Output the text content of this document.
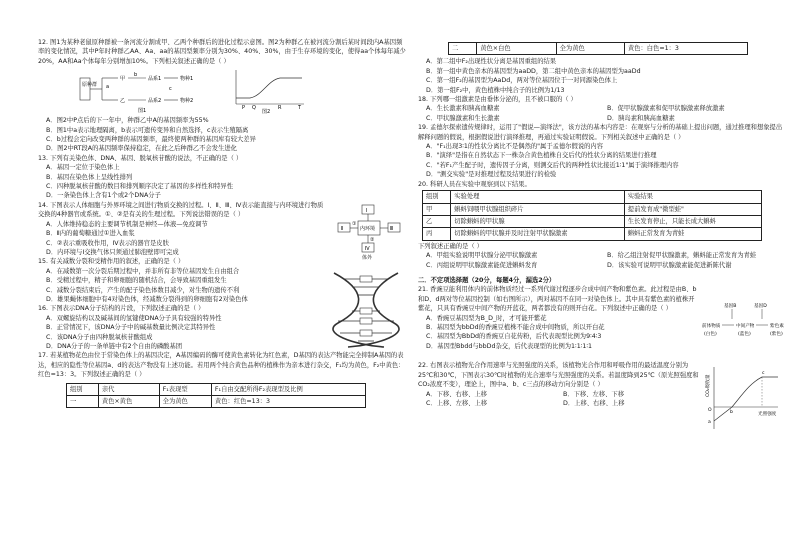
12. 图1为某种老鼠原种群被一条河流分割成甲、乙两个种群后的进化过程示意图。图2为种群乙在被河流分割后某时间段内A基因频率的变化情况，其中P年时种群乙AA、Aa、aa的基因型频率分别为30%、40%、30%，由于生存环境的变化，使得aa个体每年减少20%，AA和Aa个体每年分别增加10%。下列相关叙述正确的是（ ）

原种群
甲
乙
a
b
品系1
品系2
c
物种1
物种2
图1	P Q	R	T
图2

A．图2中P点后的下一年中，种群乙中A的基因频率为55%

B．图1中a表示地理隔离，b表示可遗传变异和自然选择，c表示生殖隔离

C．b过程会定向改变两种群的基因频率，最终使两种群的基因库有较大差异

D．图2中RT段A的基因频率保持稳定，在此之后种群乙不会发生进化

13. 下列有关染色体、DNA、基因、脱氧核苷酸的说法，不正确的是（ ）

A．基因一定位于染色体上

B．基因在染色体上呈线性排列

C．四种脱氧核苷酸的数目和排列顺序决定了基因的多样性和特异性

D．一条染色体上含有1个或2个DNA分子

14. 下图表示人体细胞与外界环境之间进行物质交换的过程。Ⅰ、Ⅱ、Ⅲ、Ⅳ表示能直接与内环境进行物质交换的4种器官或系统。①、②是有关的生理过程。下列说法错误的是（ ）

A．人体维持稳态的主要调节机制是神经—体液—免疫调节

B．Ⅱ内的葡萄糖通过①进入血浆

C．②表示重吸收作用，Ⅳ表示的器官是皮肤

D．内环境与Ⅰ交换气体只须通过肺泡壁即可完成

15. 有关减数分裂和受精作用的叙述，正确的是（ ）

内环境
Ⅰ
Ⅱ	Ⅲ
Ⅳ
①
②
体外

A．在减数第一次分裂后期过程中，并非所有非等位基因发生自由组合

B．受精过程中，精子和卵细胞的随机结合，会导致基因重组发生

C．减数分裂结束后，产生的配子染色体数目减少，对生物的遗传不利

D．雄果蝇体细胞中有4对染色体，经减数分裂得到的卵细胞有2对染色体

16. 下图表示DNA分子结构的片段，下列叙述正确的是（ ）

A．双螺旋结构以及碱基间的氢键使DNA分子具有较强的特异性

B．正常情况下，该DNA分子中的碱基数量比例决定其特异性

C．该DNA分子由四种脱氧核苷酸组成

D．DNA分子的一条单链中有2个自由的磷酸基团

17. 若某植物花色由位于常染色体上的基因决定，A基因编码的酶可使黄色素转化为红色素，D基因的表达产物能完全抑制A基因的表达，相应的隐性等位基因a、d的表达产物没有上述功能。若用两个纯合黄色品种的植株作为亲本进行杂交，F₁均为黄色，F₂中黄色：红色=13：3。下列叙述正确的是（ ）

组别	亲代	F₁表现型	F₁自由交配所得F₂表现型及比例
一	黄色×黄色	全为黄色	黄色：红色=13：3
二	黄色×白色	全为黄色	黄色：白色=1：3

A．第二组中F₂出现性状分离是基因重组的结果

B．第一组中黄色亲本的基因型为aaDD，第二组中黄色亲本的基因型为aaDd

C．第一组F₂的基因型为AaDd，两对等位基因位于一对同源染色体上

D．第一组F₂中，黄色植株中纯合子的比例为1/13

18. 下列哪一组激素是由垂体分泌的，且不被口服的（ ）

A．生长激素和胰高血糖素	B．促甲状腺激素和促甲状腺激素释放激素
C．甲状腺激素和生长激素	D．胰岛素和胰高血糖素

19. 孟德尔探索遗传规律时，运用了"假说—演绎法"，该方法的基本内容是：在观察与分析的基础上提出问题，通过推理和想象提出解释问题的假说，根据假说进行演绎推理，再通过实验证明假说。下列相关叙述中正确的是（ ）

A．"F₁出现3∶1的性状分离比不是偶然的"属于孟德尔假说的内容

B．"演绎"是指在自然状态下一株杂合黄色植株自交后代的性状分离的结果进行推理

C．"若F₁产生配子时，遗传因子分离，则测交后代的两种性状比接近1∶1"属于演绎推理内容

D．"测交实验"是对推理过程及结果进行的检验

20. 科研人员在实验中观察到以下结果。

组别	实验处理	实验结果
甲	蝌蚪饲喂甲状腺组织碎片	提前发育成"微型蛙"
乙	切除蝌蚪的甲状腺	生长发育停止，只能长成大蝌蚪
丙	切除蝌蚪的甲状腺并及时注射甲状腺激素	蝌蚪正常发育为青蛙

下列叙述正确的是（ ）

A．甲组实验说明甲状腺分泌甲状腺激素	B．给乙组注射促甲状腺激素，蝌蚪能正常发育为青蛙
C．丙组说明甲状腺激素能促进蝌蚪发育	D．该实验可说明甲状腺激素能促进新陈代谢

二．不定项选择题（20分，每题4分，漏选2分）

21. 香豌豆能利用体内的前体物质经过一系列代谢过程逐步合成中间产物和紫色素。此过程是由B、b和D、d两对等位基因控制（如右图所示），两对基因不在同一对染色体上。其中具有紫色素的植株开紫花，只具有香豌豆中间产物的开蓝花，两者都没有的则开白花。下列叙述中正确的是（ ）

A．香豌豆基因型为B_D_时，才可能开紫花

B．基因型为bbDd的香豌豆植株不能合成中间物质，所以开白花

C．基因型为BbDd的香豌豆自花传粉，后代表现型比例为9∶4∶3

D．基因型Bbdd与bbDd杂交，后代表现型的比例为1∶1∶1∶1

基因B	基因D
前体物质	中间产物	紫色素
(白色)	(蓝色)	(紫色)

22. 右图表示植物光合作用速率与光照强度的关系，该植物光合作用和呼吸作用的最适温度分别为25℃和30℃，下图表示30℃时植物的光合速率与光照强度的关系。若温度降到25℃（原光照强度和CO₂浓度不变），理论上，图中a、b、c三点的移动方向分别是（ ）

A．下移、右移、上移	B．下移、左移、下移
C．上移、左移、上移	D．上移、右移、上移
a
b
c
O
光照强度
CO₂吸收量
